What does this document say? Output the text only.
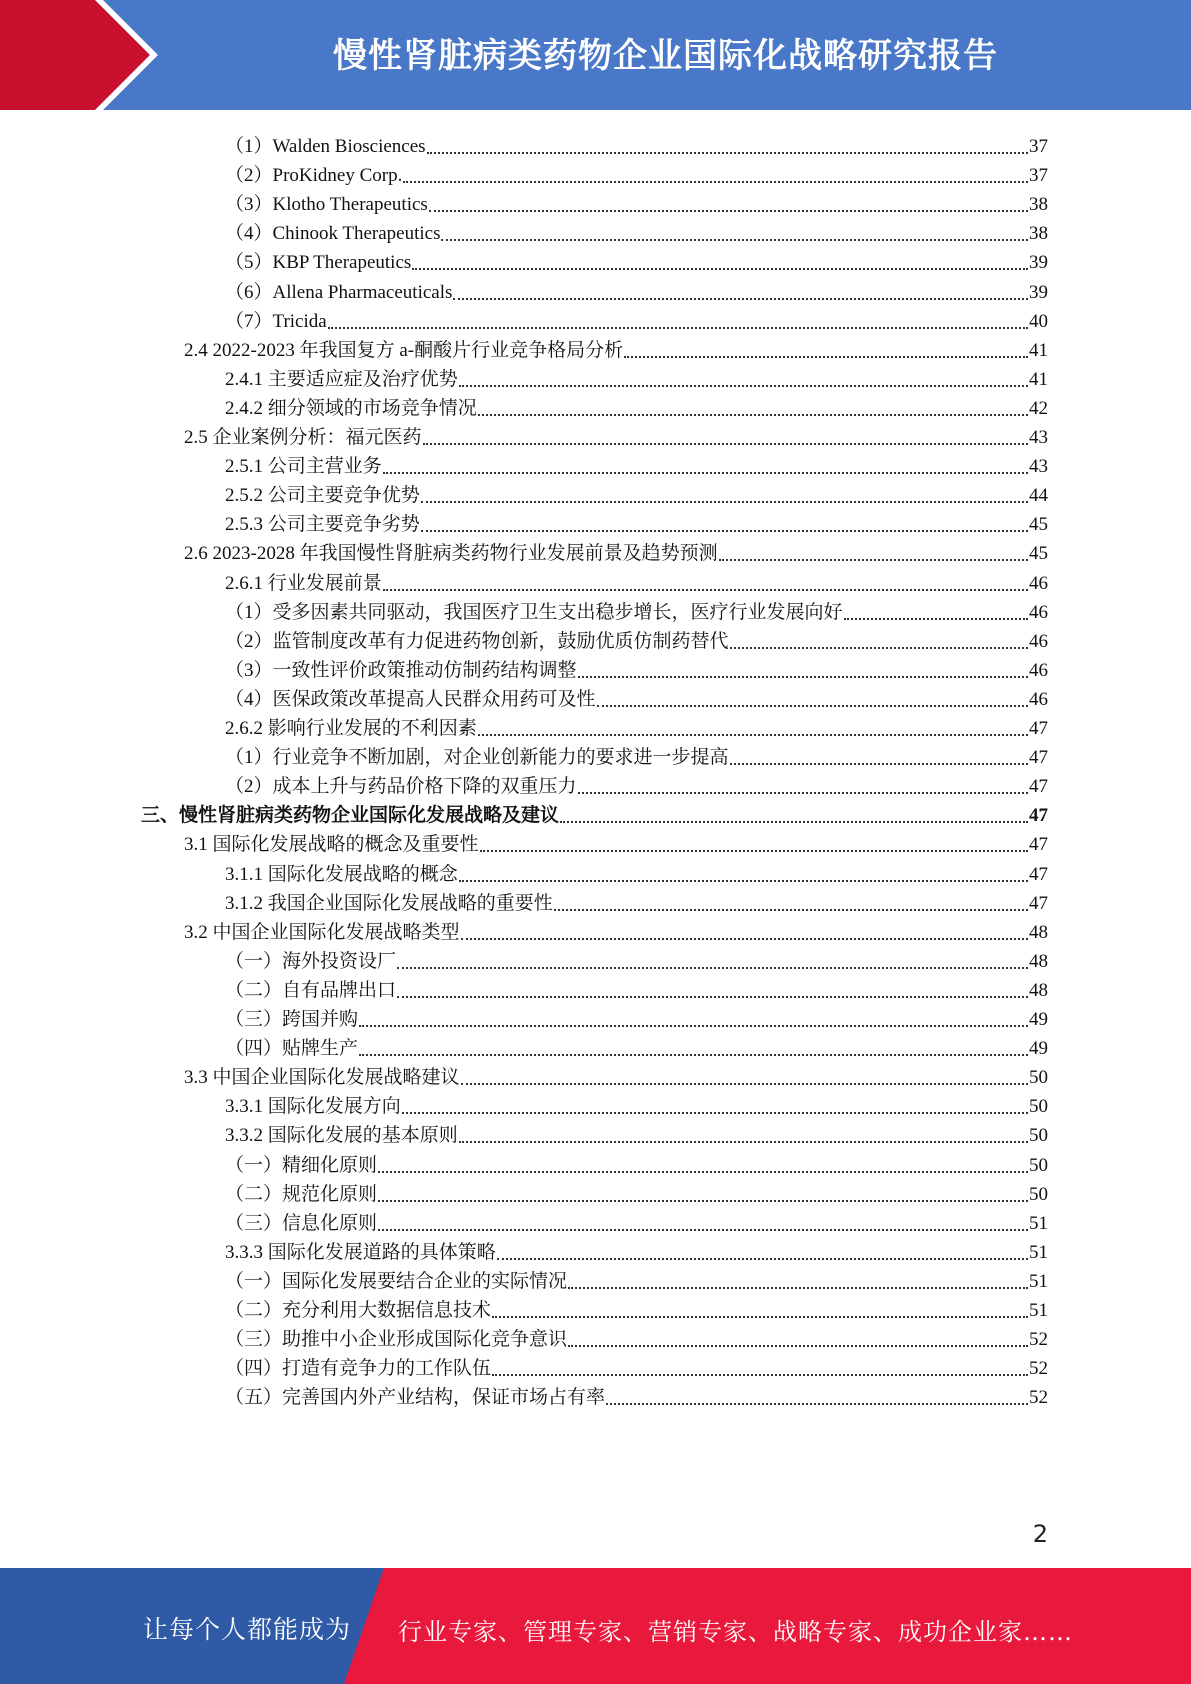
慢性肾脏病类药物企业国际化战略研究报告
（1）Walden Biosciences	37
（2）ProKidney Corp.	37
（3）Klotho Therapeutics	38
（4）Chinook Therapeutics	38
（5）KBP Therapeutics	39
（6）Allena Pharmaceuticals	39
（7）Tricida	40
2.4 2022-2023 年我国复方 a-酮酸片行业竞争格局分析	41
2.4.1 主要适应症及治疗优势	41
2.4.2 细分领域的市场竞争情况	42
2.5 企业案例分析：福元医药	43
2.5.1 公司主营业务	43
2.5.2 公司主要竞争优势	44
2.5.3 公司主要竞争劣势	45
2.6 2023-2028 年我国慢性肾脏病类药物行业发展前景及趋势预测	45
2.6.1 行业发展前景	46
（1）受多因素共同驱动，我国医疗卫生支出稳步增长，医疗行业发展向好	46
（2）监管制度改革有力促进药物创新，鼓励优质仿制药替代	46
（3）一致性评价政策推动仿制药结构调整	46
（4）医保政策改革提高人民群众用药可及性	46
2.6.2 影响行业发展的不利因素	47
（1）行业竞争不断加剧，对企业创新能力的要求进一步提高	47
（2）成本上升与药品价格下降的双重压力	47
三、慢性肾脏病类药物企业国际化发展战略及建议	47
3.1 国际化发展战略的概念及重要性	47
3.1.1 国际化发展战略的概念	47
3.1.2 我国企业国际化发展战略的重要性	47
3.2 中国企业国际化发展战略类型	48
（一）海外投资设厂	48
（二）自有品牌出口	48
（三）跨国并购	49
（四）贴牌生产	49
3.3 中国企业国际化发展战略建议	50
3.3.1 国际化发展方向	50
3.3.2 国际化发展的基本原则	50
（一）精细化原则	50
（二）规范化原则	50
（三）信息化原则	51
3.3.3 国际化发展道路的具体策略	51
（一）国际化发展要结合企业的实际情况	51
（二）充分利用大数据信息技术	51
（三）助推中小企业形成国际化竞争意识	52
（四）打造有竞争力的工作队伍	52
（五）完善国内外产业结构，保证市场占有率	52
2
让每个人都能成为 行业专家、管理专家、营销专家、战略专家、成功企业家……
